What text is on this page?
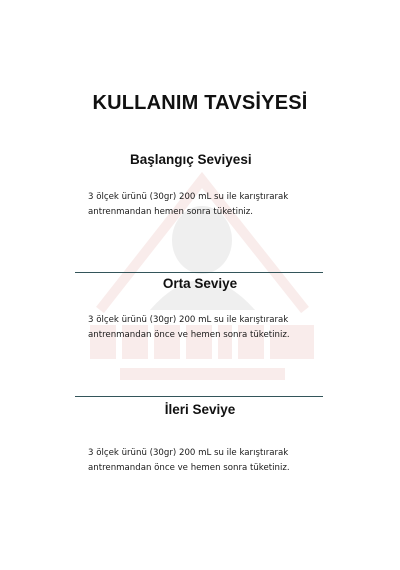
KULLANIM TAVSİYESİ
Başlangıç Seviyesi
3 ölçek ürünü (30gr) 200 mL su ile karıştırarak
antrenmandan hemen sonra tüketiniz.
Orta Seviye
3 ölçek ürünü (30gr) 200 mL su ile karıştırarak
antrenmandan önce ve hemen sonra tüketiniz.
İleri Seviye
3 ölçek ürünü (30gr) 200 mL su ile karıştırarak
antrenmandan önce ve hemen sonra tüketiniz.
